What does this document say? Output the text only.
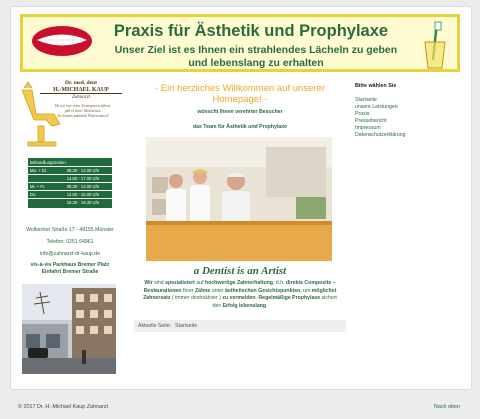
Praxis für Ästhetik und Prophylaxe
Unser Ziel ist es Ihnen ein strahlendes Lächeln zu geben
und lebenslang zu erhalten
Dr. med. dent
H.-MICHAEL KAUP
Zahnarzt
Da wir eine reine Terminpraxis führen,
gibt es keine Wartezeiten.
Sie können pünktlich Platz nehmen!
Behandlungszeiten:
Mo. + Di.	08.30 - 13.00 Uhr
14.00 - 17.00 Uhr
Mi. + Fr.	08.30 - 13.00 Uhr
Do.	12.00 - 15.00 Uhr
16.30 - 19.30 Uhr
Wolbecker Straße 17 - 48155 Münster
Telefon: 0251 64961
info@zahnarzt-dr-kaup.de
vis-à-vis Parkhaus Bremer Platz
Einfahrt Bremer Straße
- Ein herzliches Willkommen auf unserer
Homepage! -
wünscht Ihnen verehrter Besucher
das Team für Ästhetik und Prophylaxe
a Dentist is an Artist
Wir sind spezialisiert auf hochwertige Zahnerhaltung, d.h. direkte Composite – Restaurationen Ihrer Zähne unter ästhetischen Gesichtspunkten, um möglichst Zahnersatz ( immer destruktiver ) zu vermeiden. Regelmäßige Prophylaxe sichert den Erfolg lebenslang.
Aktuelle Seite: Startseite
Bitte wählen Sie
Startseite
unsere Leistungen
Praxis
Pressebericht
Impressum
Datenschutzerklärung
© 2017 Dr. H.-Michael Kaup Zahnarzt	Nach oben
